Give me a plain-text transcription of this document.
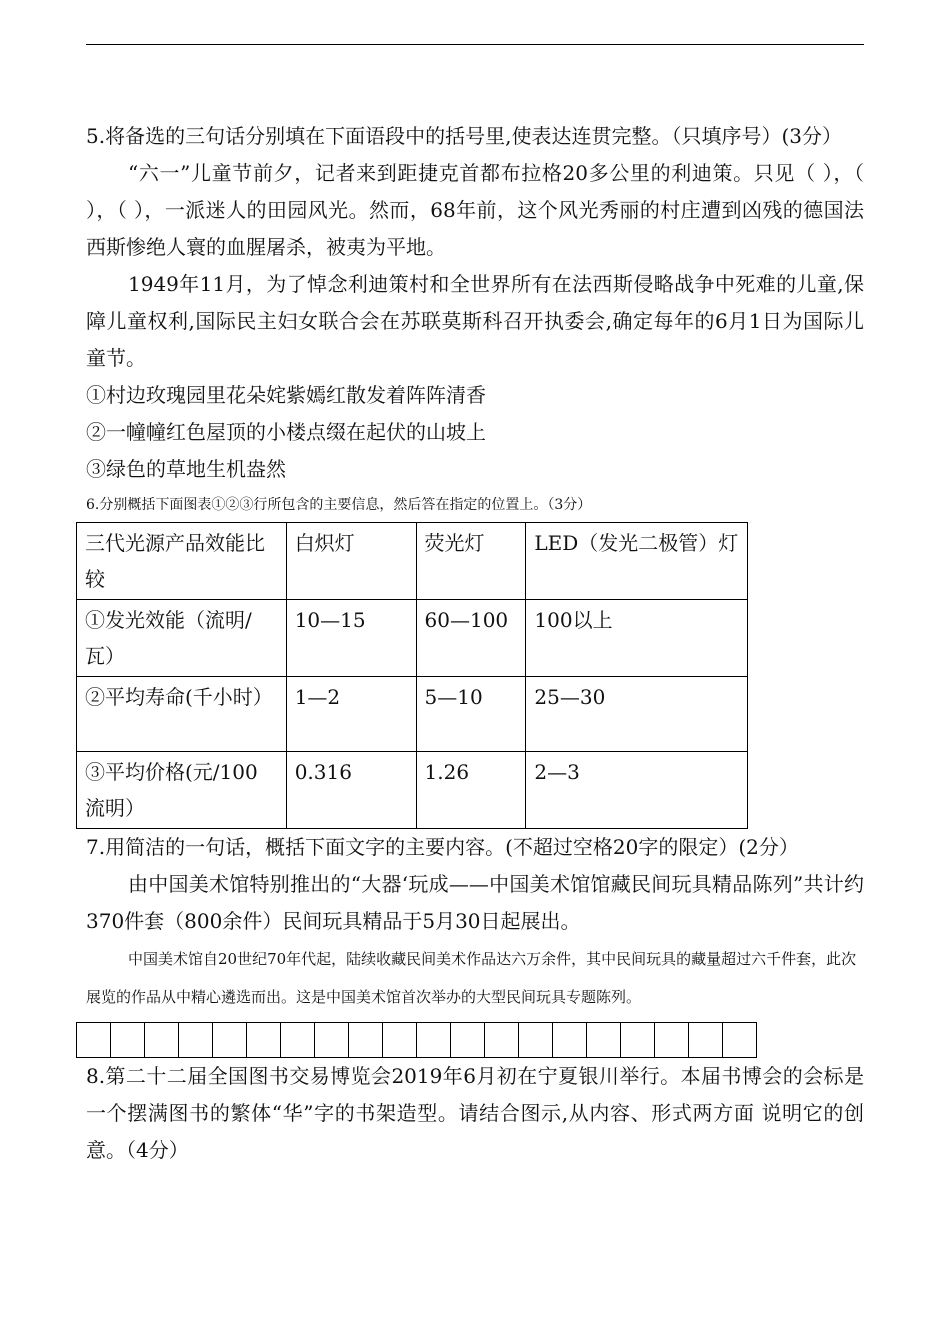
5.将备选的三句话分别填在下面语段中的括号里,使表达连贯完整。（只填序号）(3分）

“六一”儿童节前夕，记者来到距捷克首都布拉格20多公里的利迪策。只见（ ），（ ），（ ），一派迷人的田园风光。然而，68年前，这个风光秀丽的村庄遭到凶残的德国法西斯惨绝人寰的血腥屠杀，被夷为平地。

1949年11月，为了悼念利迪策村和全世界所有在法西斯侵略战争中死难的儿童,保障儿童权利,国际民主妇女联合会在苏联莫斯科召开执委会,确定每年的6月1日为国际儿童节。

①村边玫瑰园里花朵姹紫嫣红散发着阵阵清香

②一幢幢红色屋顶的小楼点缀在起伏的山坡上

③绿色的草地生机盎然

6.分别概括下面图表①②③行所包含的主要信息，然后答在指定的位置上。（3分）

三代光源产品效能比较	白炽灯	荧光灯	LED（发光二极管）灯
①发光效能（流明/瓦）	10—15	60—100	100以上
②平均寿命(千小时）	1—2	5—10	25—30
③平均价格(元/100流明）	0.316	1.26	2—3

7.用简洁的一句话，概括下面文字的主要内容。(不超过空格20字的限定）(2分）

由中国美术馆特别推出的“大器‘玩成——中国美术馆馆藏民间玩具精品陈列”共计约370件套（800余件）民间玩具精品于5月30日起展出。

中国美术馆自20世纪70年代起，陆续收藏民间美术作品达六万余件，其中民间玩具的藏量超过六千件套，此次展览的作品从中精心遴选而出。这是中国美术馆首次举办的大型民间玩具专题陈列。

8.第二十二届全国图书交易博览会2019年6月初在宁夏银川举行。本届书博会的会标是一个摆满图书的繁体“华”字的书架造型。请结合图示,从内容、形式两方面 说明它的创意。（4分）
